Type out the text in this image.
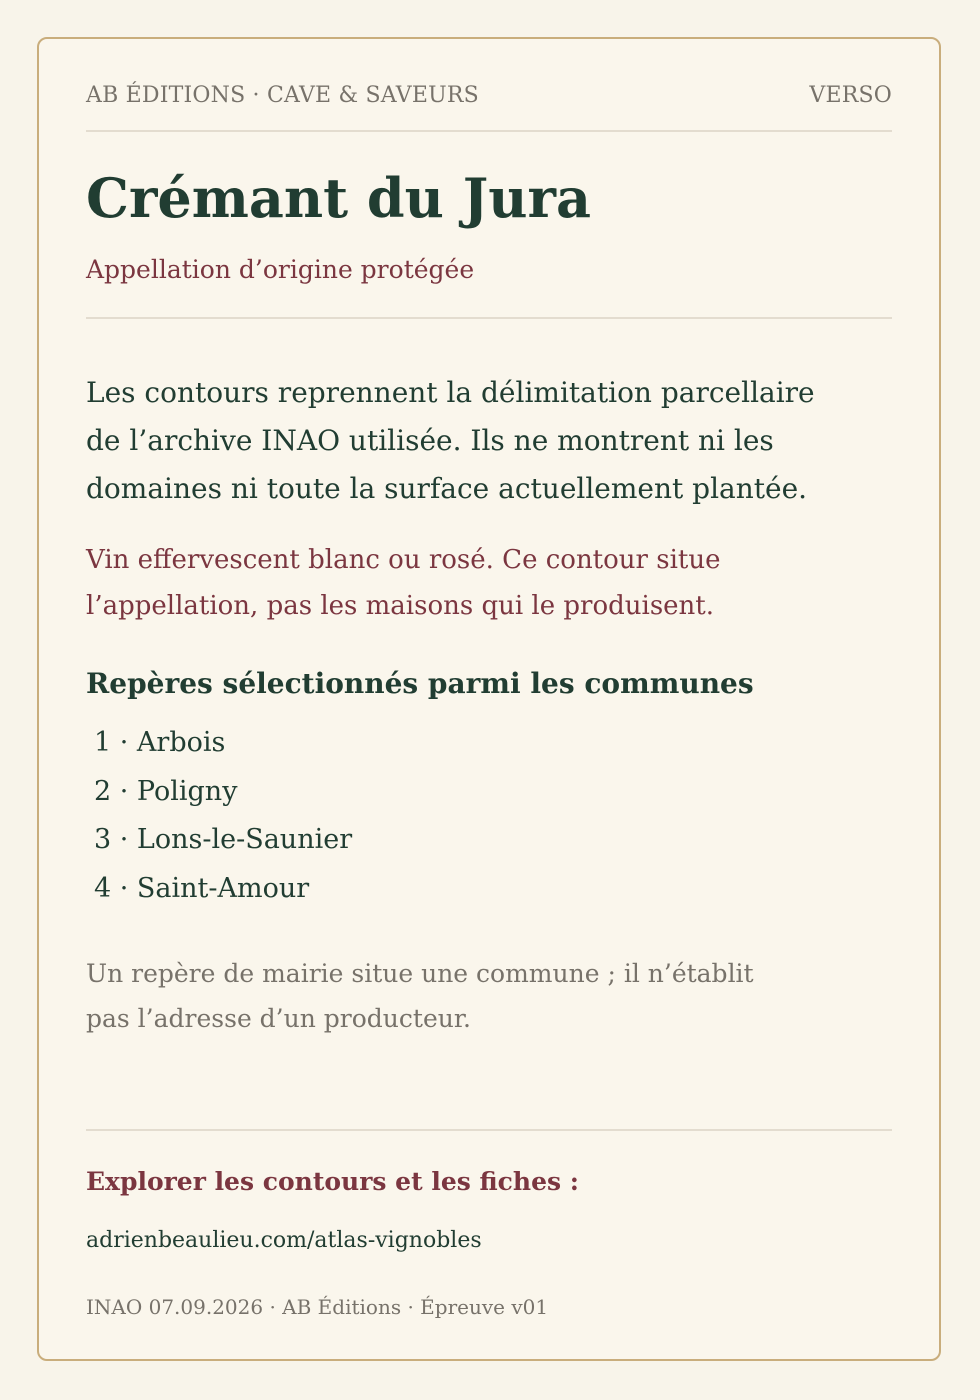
AB ÉDITIONS · CAVE & SAVEURS	VERSO
Crémant du Jura
Appellation d’origine protégée
Les contours reprennent la délimitation parcellaire
de l’archive INAO utilisée. Ils ne montrent ni les
domaines ni toute la surface actuellement plantée.
Vin effervescent blanc ou rosé. Ce contour situe
l’appellation, pas les maisons qui le produisent.
Repères sélectionnés parmi les communes
1 · Arbois
2 · Poligny
3 · Lons-le-Saunier
4 · Saint-Amour
Un repère de mairie situe une commune ; il n’établit
pas l’adresse d’un producteur.
Explorer les contours et les fiches :
adrienbeaulieu.com/atlas-vignobles
INAO 07.09.2026 · AB Éditions · Épreuve v01
